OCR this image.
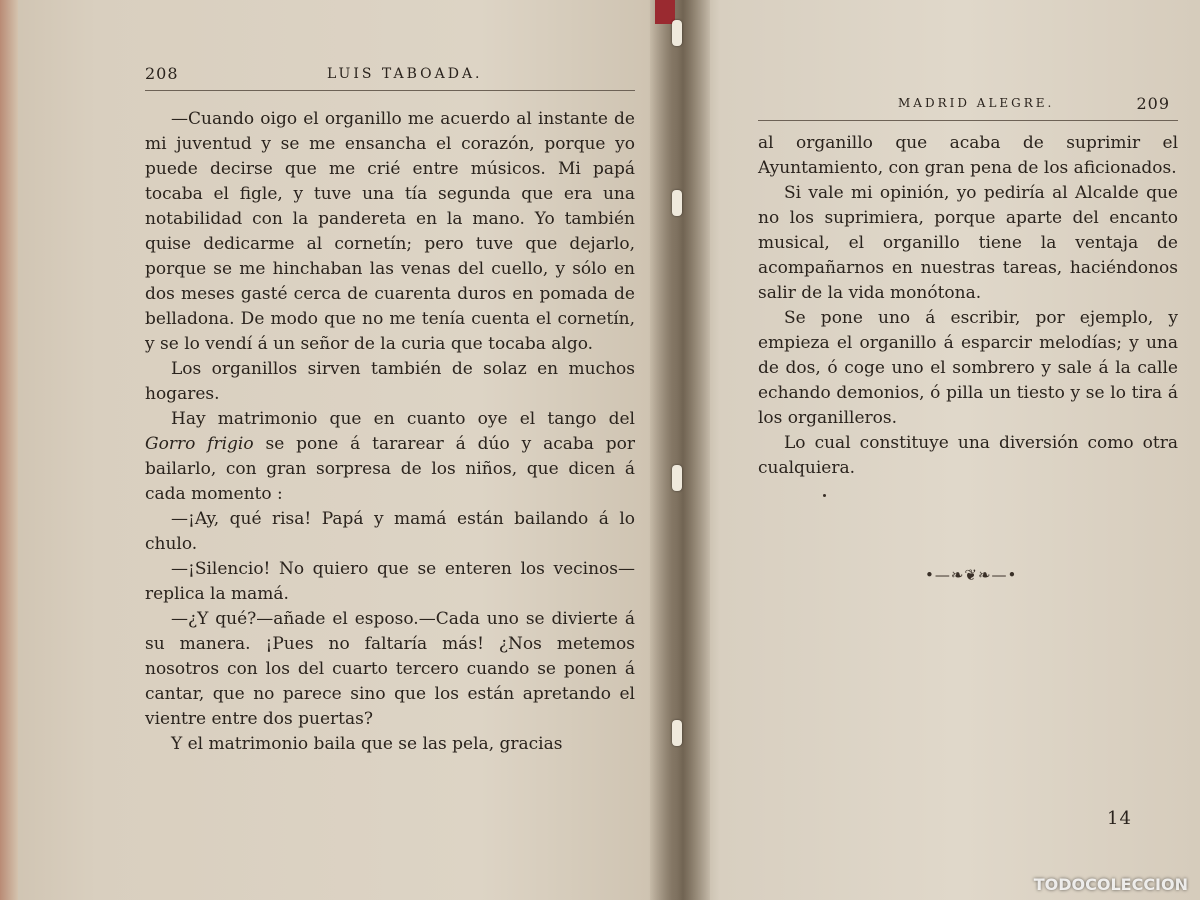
208	LUIS TABOADA.

—Cuando oigo el organillo me acuerdo al instante de mi juventud y se me ensancha el corazón, porque yo puede decirse que me crié entre músicos. Mi papá tocaba el figle, y tuve una tía segunda que era una notabilidad con la pandereta en la mano. Yo también quise dedicarme al cornetín; pero tuve que dejarlo, porque se me hinchaban las venas del cuello, y sólo en dos meses gasté cerca de cuarenta duros en pomada de belladona. De modo que no me tenía cuenta el cornetín, y se lo vendí á un señor de la curia que tocaba algo.

Los organillos sirven también de solaz en muchos hogares.

Hay matrimonio que en cuanto oye el tango del Gorro frigio se pone á tararear á dúo y acaba por bailarlo, con gran sorpresa de los niños, que dicen á cada momento :

—¡Ay, qué risa! Papá y mamá están bailando á lo chulo.

—¡Silencio! No quiero que se enteren los vecinos—replica la mamá.

—¿Y qué?—añade el esposo.—Cada uno se divierte á su manera. ¡Pues no faltaría más! ¿Nos metemos nosotros con los del cuarto tercero cuando se ponen á cantar, que no parece sino que los están apretando el vientre entre dos puertas?

Y el matrimonio baila que se las pela, gracias

MADRID ALEGRE.	209

al organillo que acaba de suprimir el Ayuntamiento, con gran pena de los aficionados.

Si vale mi opinión, yo pediría al Alcalde que no los suprimiera, porque aparte del encanto musical, el organillo tiene la ventaja de acompañarnos en nuestras tareas, haciéndonos salir de la vida monótona.

Se pone uno á escribir, por ejemplo, y empieza el organillo á esparcir melodías; y una de dos, ó coge uno el sombrero y sale á la calle echando demonios, ó pilla un tiesto y se lo tira á los organilleros.

Lo cual constituye una diversión como otra cualquiera.

•—❧❦❧—•
14
TODOCOLECCION
